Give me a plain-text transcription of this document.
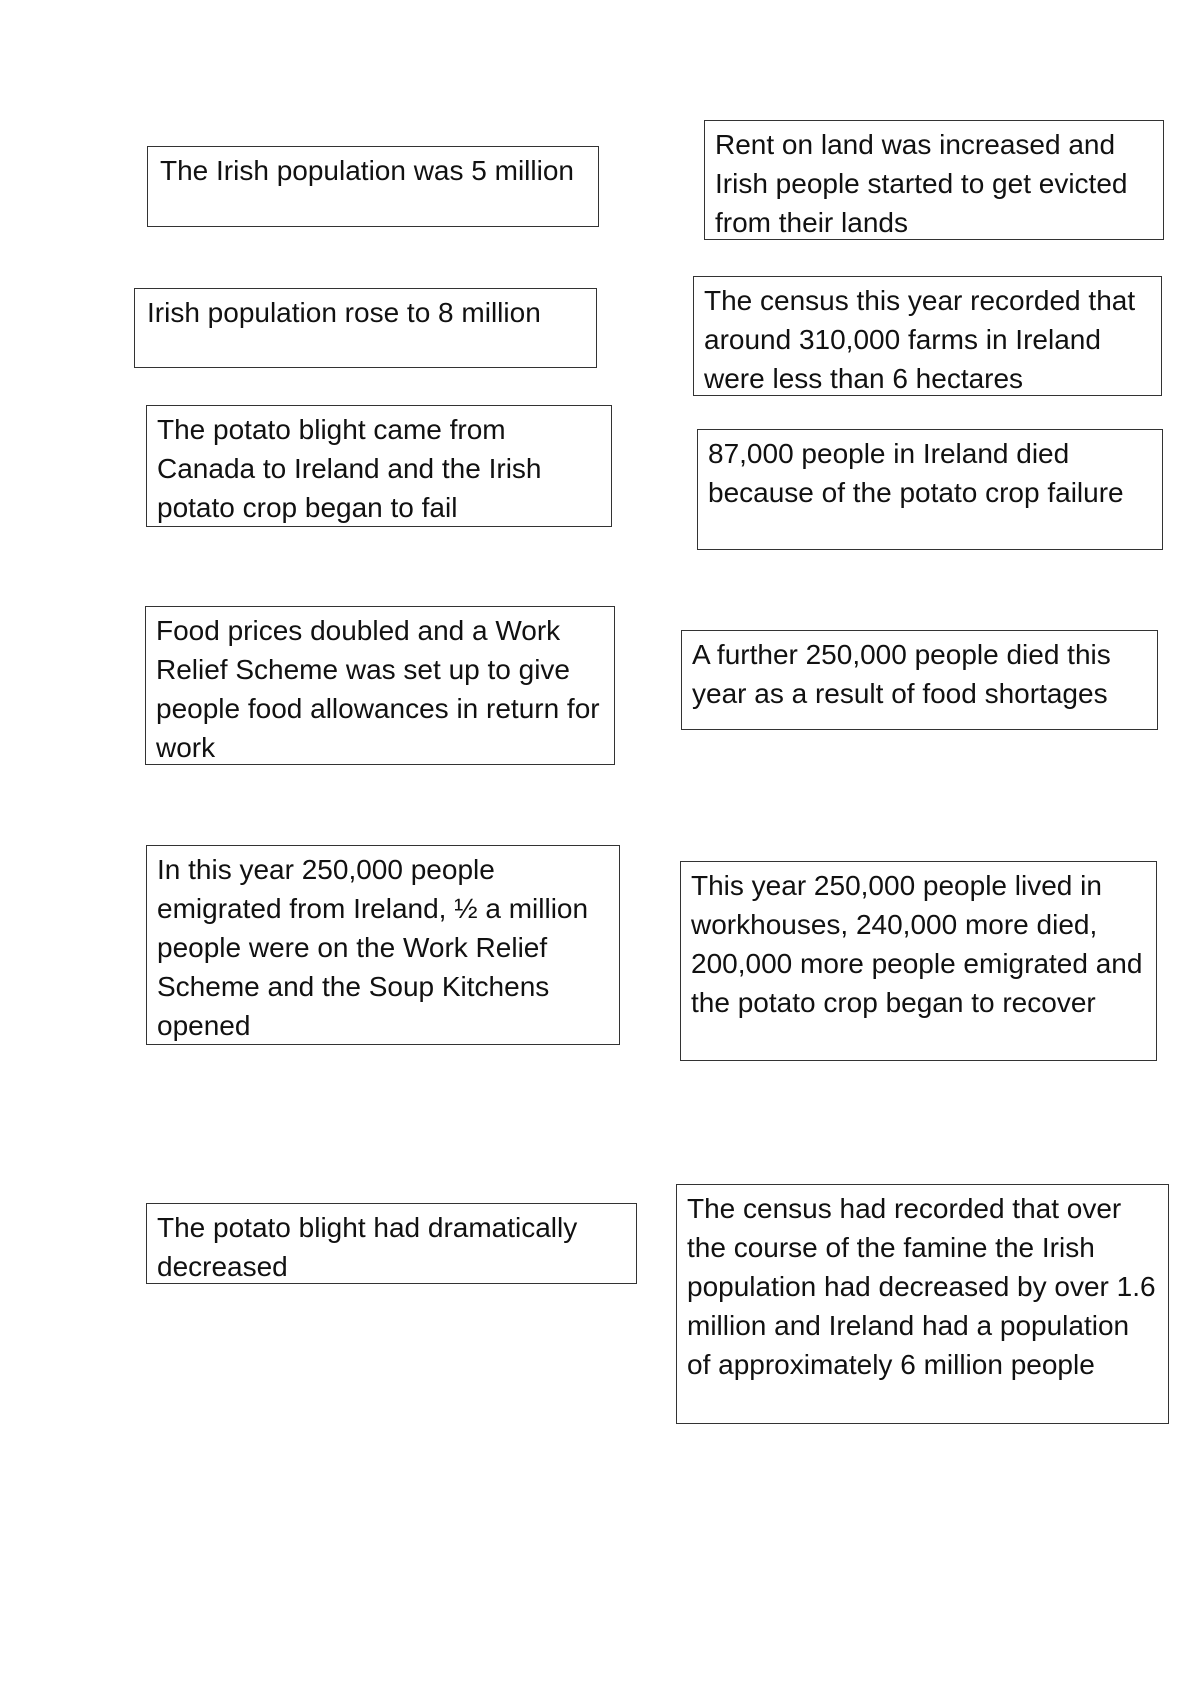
The Irish population was 5 million
Irish population rose to 8 million
The potato blight came from Canada to Ireland and the Irish potato crop began to fail
Food prices doubled and a Work Relief Scheme was set up to give people food allowances in return for work
In this year 250,000 people emigrated from Ireland, ½ a million people were on the Work Relief Scheme and the Soup Kitchens opened
The potato blight had dramatically decreased
Rent on land was increased and Irish people started to get evicted from their lands
The census this year recorded that around 310,000 farms in Ireland were less than 6 hectares
87,000 people in Ireland died because of the potato crop failure
A further 250,000 people died this year as a result of food shortages
This year 250,000 people lived in workhouses, 240,000 more died, 200,000 more people emigrated and the potato crop began to recover
The census had recorded that over the course of the famine the Irish population had decreased by over 1.6 million and Ireland had a population of approximately 6 million people
